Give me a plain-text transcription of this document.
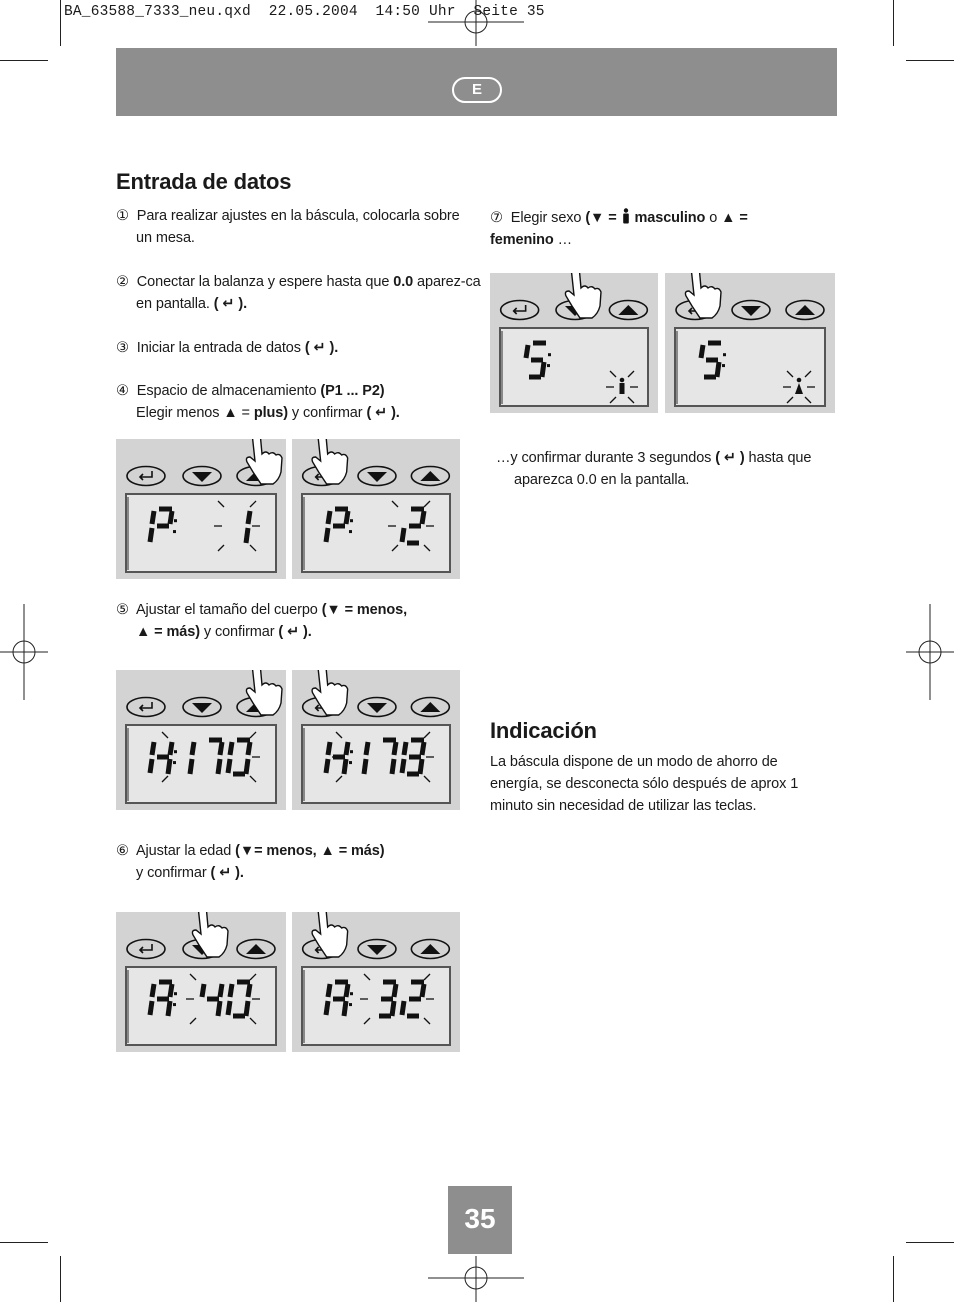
BA_63588_7333_neu.qxd  22.05.2004  14:50 Uhr  Seite 35
E
Entrada de datos
① Para realizar ajustes en la báscula, colocarla sobre un mesa.
② Conectar la balanza y espere hasta que 0.0 aparez-ca en pantalla. ( ↵ ).
③ Iniciar la entrada de datos ( ↵ ).
④ Espacio de almacenamiento (P1 ... P2)
Elegir menos ▲ = plus) y confirmar ( ↵ ).
⑤ Ajustar el tamaño del cuerpo (▼ = menos,
▲ = más) y confirmar ( ↵ ).
⑥ Ajustar la edad (▼= menos, ▲ = más)
y confirmar ( ↵ ).
⑦ Elegir sexo (▼ =  masculino o ▲ =
femenino …
…y confirmar durante 3 segundos ( ↵ ) hasta que aparezca 0.0 en la pantalla.
Indicación
La báscula dispone de un modo de ahorro de energía, se desconecta sólo después de aprox 1 minuto sin necesidad de utilizar las teclas.
35
